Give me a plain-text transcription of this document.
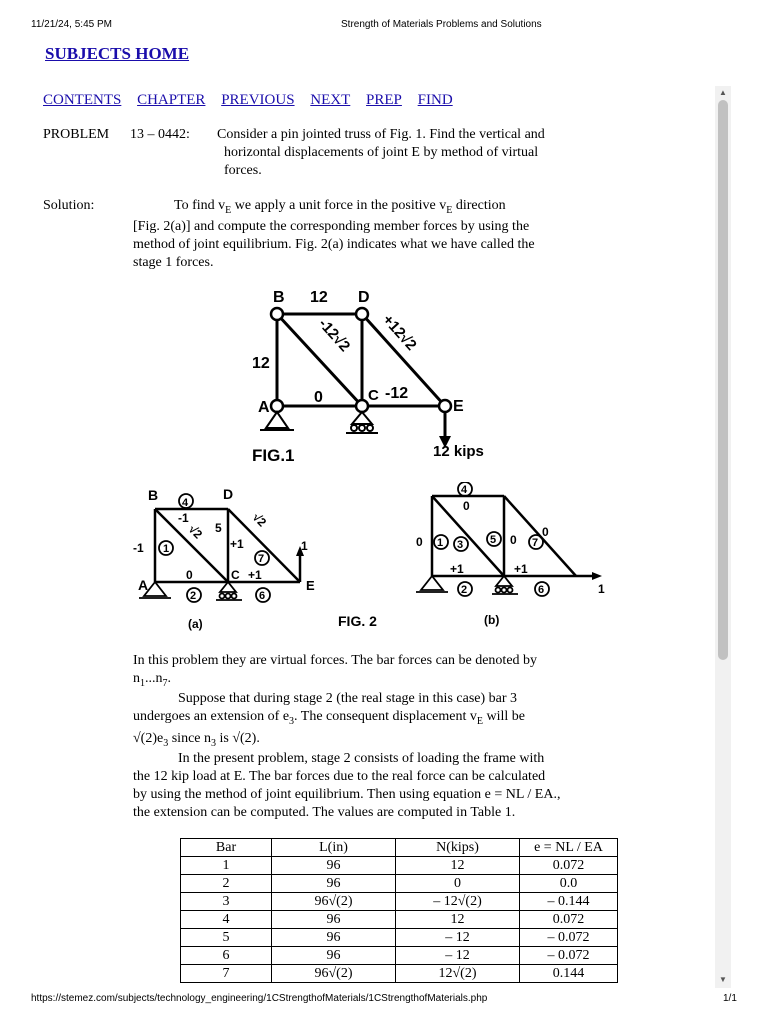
11/21/24, 5:45 PM	Strength of Materials Problems and Solutions
SUBJECTS HOME
CONTENTS CHAPTER PREVIOUS NEXT PREP FIND
PROBLEM 13 – 0442: Consider a pin jointed truss of Fig. 1. Find the vertical and
horizontal displacements of joint E by method of virtual
forces.
Solution:	To find $v_E$ we apply a unit force in the positive $v_E$ direction
[Fig. 2(a)] and compute the corresponding member forces by using the
method of joint equilibrium. Fig. 2(a) indicates what we have called the
stage 1 forces.
B	D
A
C
E
12
12
0	-12
-12√2 +12√2
FIG.1	12 kips
B	D
A
C
E
4
1
2
7
6
5
-1
-1
√2
+1
√2
0	+1
1
(a)	FIG. 2
4
1 3 5	7
2	6
0
0	0
0
+1	+1
1
(b)
In this problem they are virtual forces. The bar forces can be denoted by
$n_1...n_7$.
Suppose that during stage 2 (the real stage in this case) bar 3
undergoes an extension of $e_3$. The consequent displacement $v_E$ will be
$√(2)e_3$ since $n_3$ is √(2).
In the present problem, stage 2 consists of loading the frame with
the 12 kip load at E. The bar forces due to the real force can be calculated
by using the method of joint equilibrium. Then using equation e = NL / EA.,
the extension can be computed. The values are computed in Table 1.
Bar	L(in)	N(kips)	e = NL / EA
1	96	12	0.072
2	96	0	0.0
3	96√(2)	– 12√(2)	– 0.144
4	96	12	0.072
5	96	– 12	– 0.072
6	96	– 12	– 0.072
7	96√(2)	12√(2)	0.144
▲
▼
https://stemez.com/subjects/technology_engineering/1CStrengthofMaterials/1CStrengthofMaterials.php	1/1
